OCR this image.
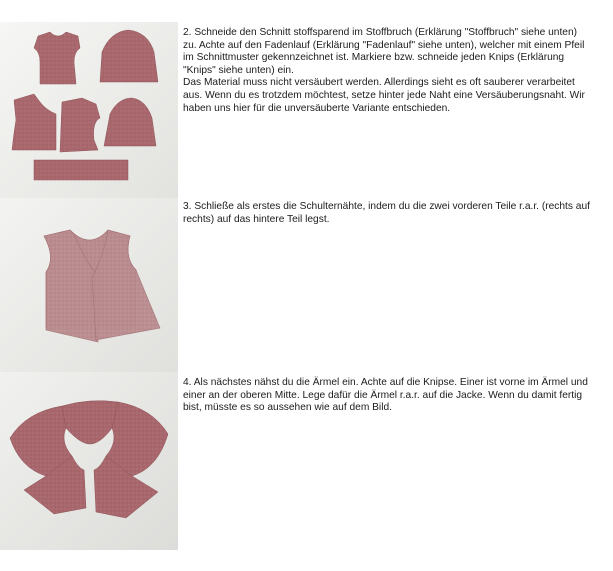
2. Schneide den Schnitt stoffsparend im Stoffbruch (Erklärung "Stoffbruch" siehe unten) zu. Achte auf den Fadenlauf (Erklärung "Fadenlauf" siehe unten), welcher mit einem Pfeil im Schnittmuster gekennzeichnet ist. Markiere bzw. schneide jeden Knips (Erklärung "Knips" siehe unten) ein.
Das Material muss nicht versäubert werden. Allerdings sieht es oft sauberer verarbeitet aus. Wenn du es trotzdem möchtest, setze hinter jede Naht eine Versäuberungsnaht. Wir haben uns hier für die unversäuberte Variante entschieden.

3. Schließe als erstes die Schulternähte, indem du die zwei vorderen Teile r.a.r. (rechts auf rechts) auf das hintere Teil legst.

4. Als nächstes nähst du die Ärmel ein. Achte auf die Knipse. Einer ist vorne im Ärmel und einer an der oberen Mitte. Lege dafür die Ärmel r.a.r. auf die Jacke. Wenn du damit fertig bist, müsste es so aussehen wie auf dem Bild.
